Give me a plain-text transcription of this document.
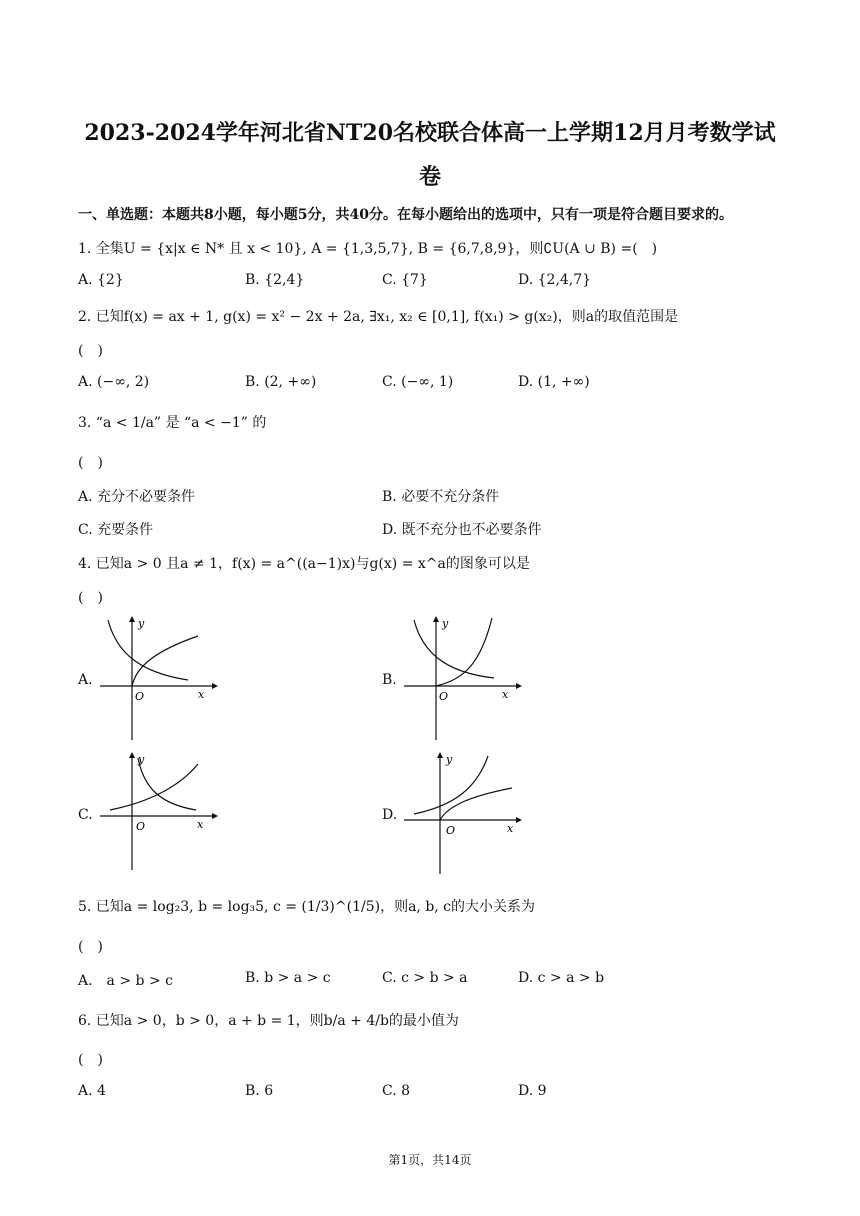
2023-2024学年河北省NT20名校联合体高一上学期12月月考数学试
卷
一、单选题：本题共8小题，每小题5分，共40分。在每小题给出的选项中，只有一项是符合题目要求的。
1. 全集U = {x|x ∈ N* 且 x < 10}, A = {1,3,5,7}, B = {6,7,8,9}，则∁U(A ∪ B) =(　)
A. {2}	B. {2,4}	C. {7}	D. {2,4,7}
2. 已知f(x) = ax + 1, g(x) = x² − 2x + 2a, ∃x₁, x₂ ∈ [0,1], f(x₁) > g(x₂)，则a的取值范围是
(　)
A. (−∞, 2)	B. (2, +∞)	C. (−∞, 1)	D. (1, +∞)
3. “a < 1/a” 是 “a < −1” 的
(　)
A. 充分不必要条件	B. 必要不充分条件
C. 充要条件	D. 既不充分也不必要条件
4. 已知a > 0 且a ≠ 1，f(x) = a^((a−1)x)与g(x) = x^a的图象可以是
(　)
A.	B.
C.	D.
y
O	x
y
O	x
y
O	x
y
O	x
5. 已知a = log₂3, b = log₃5, c = (1/3)^(1/5)，则a, b, c的大小关系为
(　)
A.　a > b > c	B. b > a > c	C. c > b > a	D. c > a > b
6. 已知a > 0，b > 0，a + b = 1，则b/a + 4/b的最小值为
(　)
A. 4	B. 6	C. 8	D. 9
第1页，共14页
